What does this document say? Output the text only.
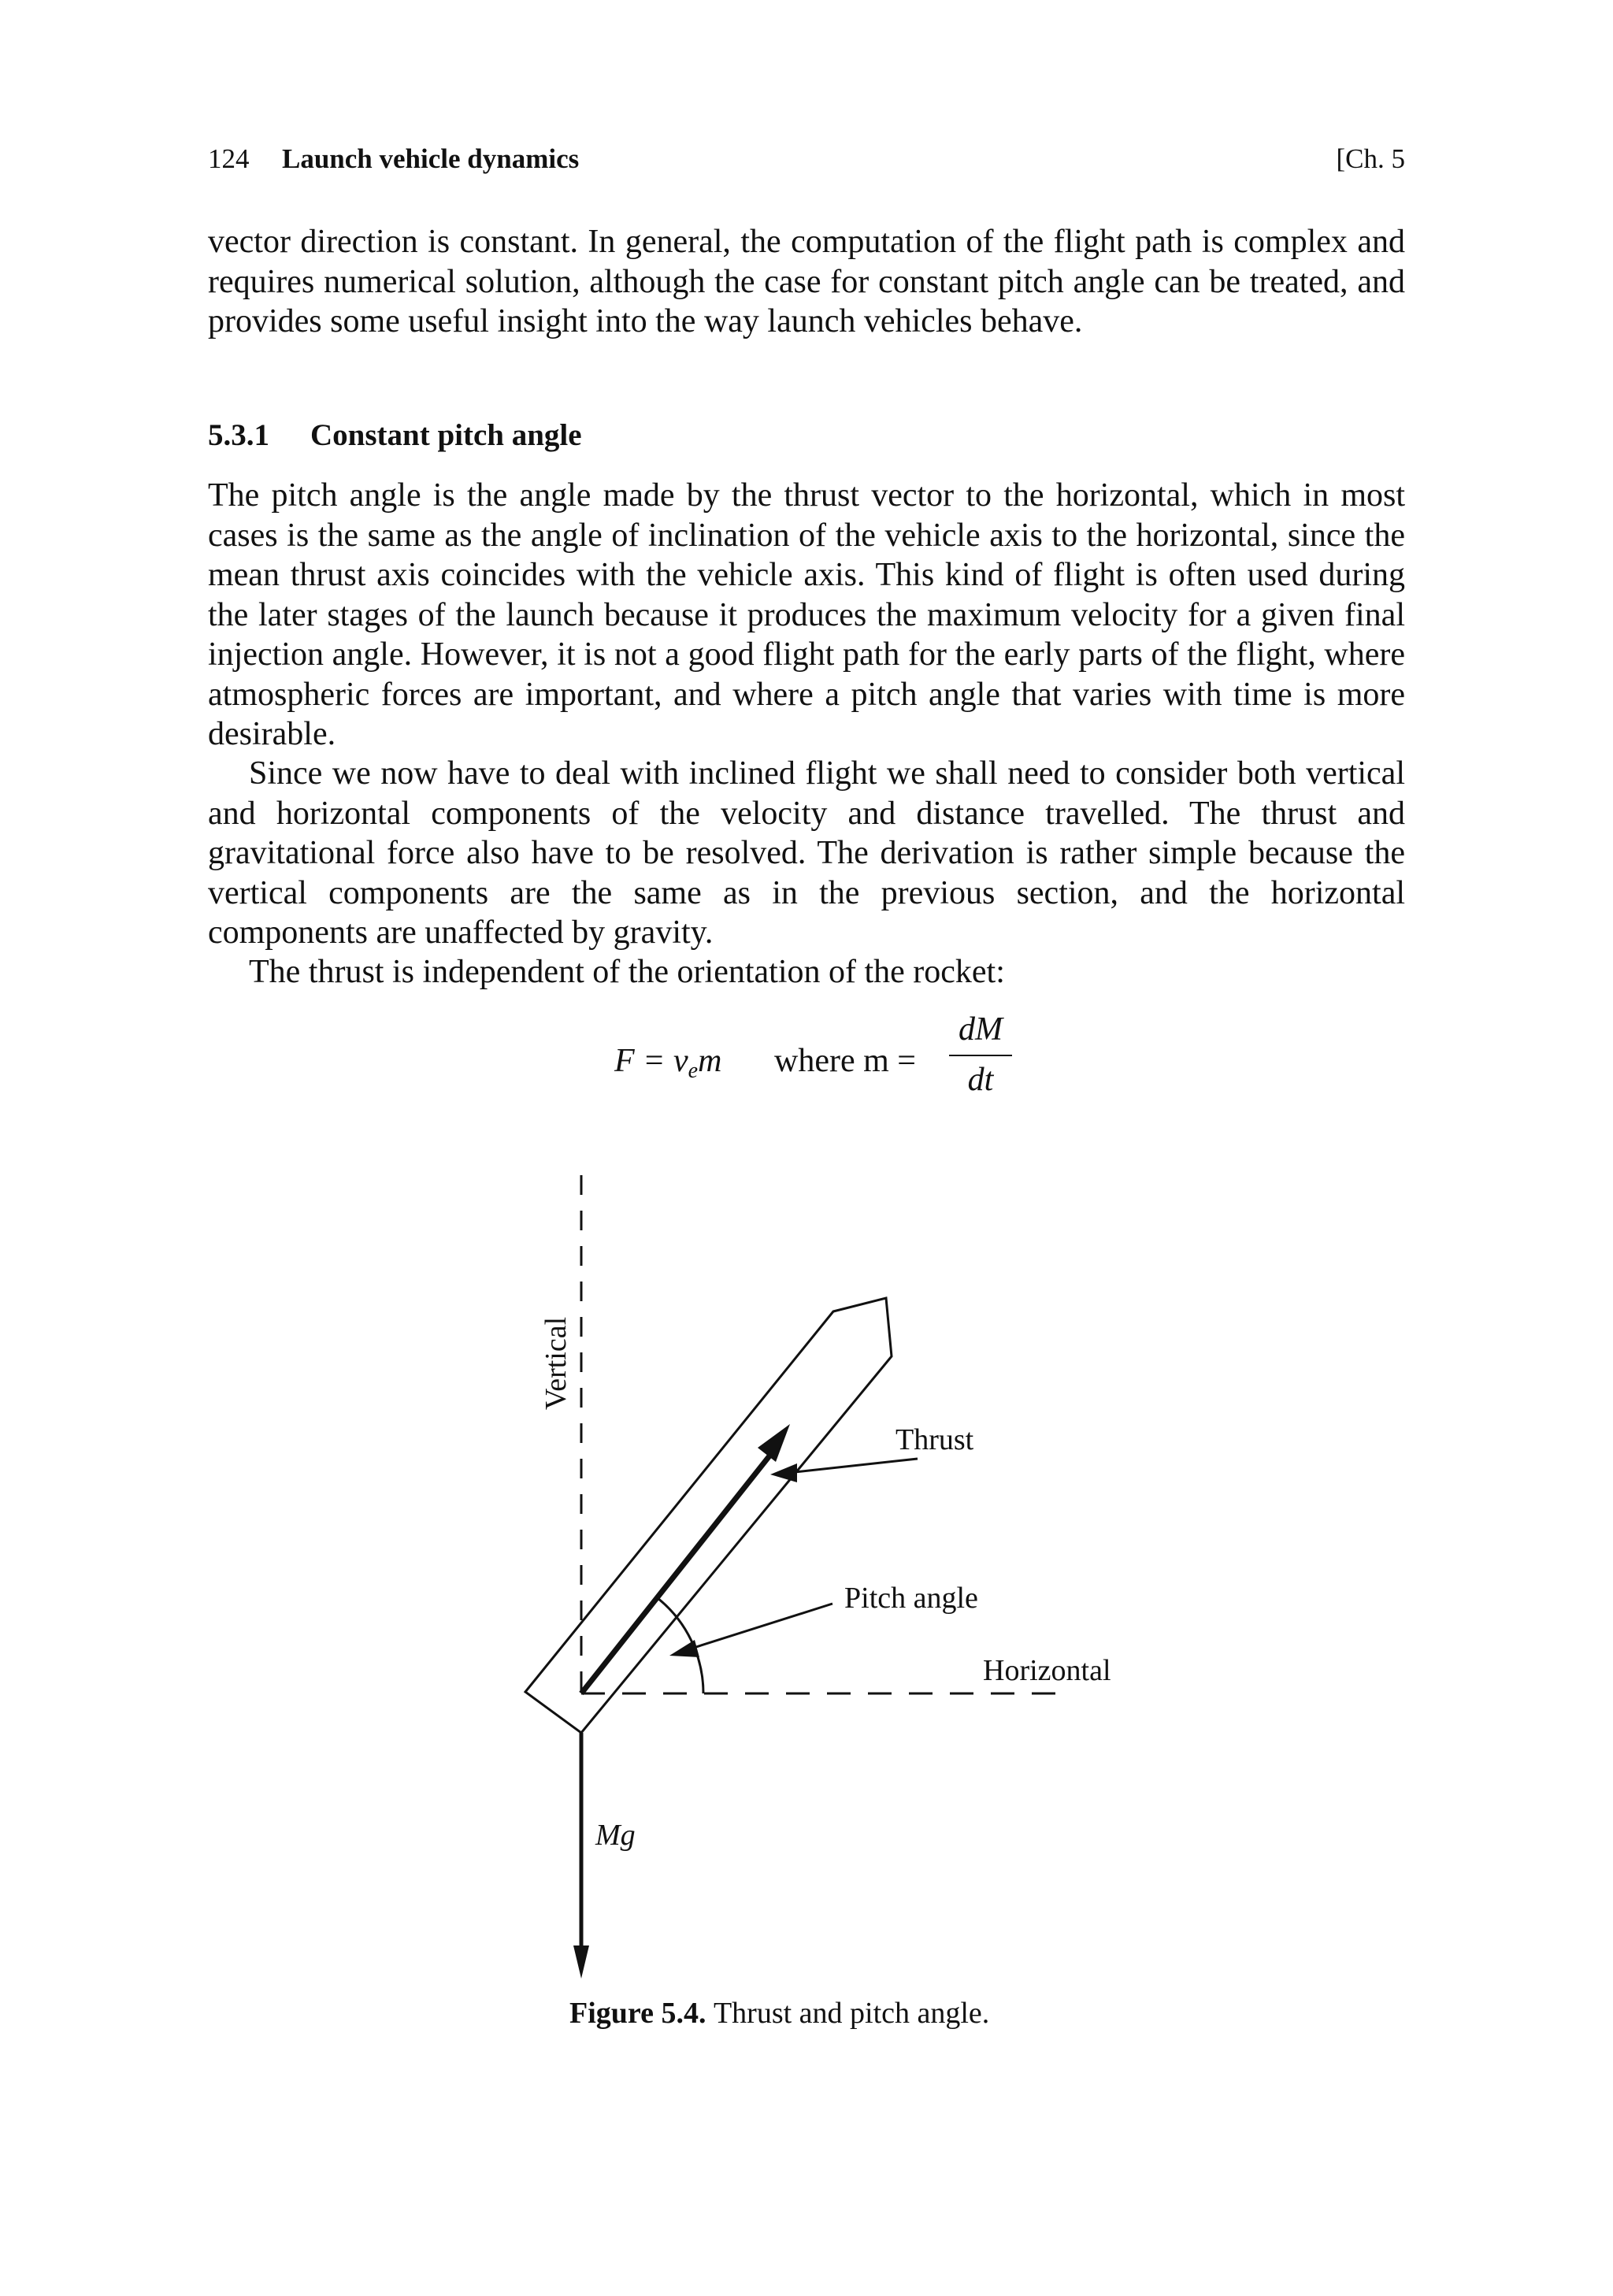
124 Launch vehicle dynamics	[Ch. 5

vector direction is constant. In general, the computation of the flight path is complex and requires numerical solution, although the case for constant pitch angle can be treated, and provides some useful insight into the way launch vehicles behave.

5.3.1 Constant pitch angle

The pitch angle is the angle made by the thrust vector to the horizontal, which in most cases is the same as the angle of inclination of the vehicle axis to the horizontal, since the mean thrust axis coincides with the vehicle axis. This kind of flight is often used during the later stages of the launch because it produces the maximum velocity for a given final injection angle. However, it is not a good flight path for the early parts of the flight, where atmospheric forces are important, and where a pitch angle that varies with time is more desirable.

Since we now have to deal with inclined flight we shall need to consider both vertical and horizontal components of the velocity and distance travelled. The thrust and gravitational force also have to be resolved. The derivation is rather simple because the vertical components are the same as in the previous section, and the horizontal components are unaffected by gravity.

The thrust is independent of the orientation of the rocket:

$F = v_em$ where m =
dM
dt
Vertical
Thrust
Pitch angle
Horizontal
Mg
Figure 5.4. Thrust and pitch angle.
